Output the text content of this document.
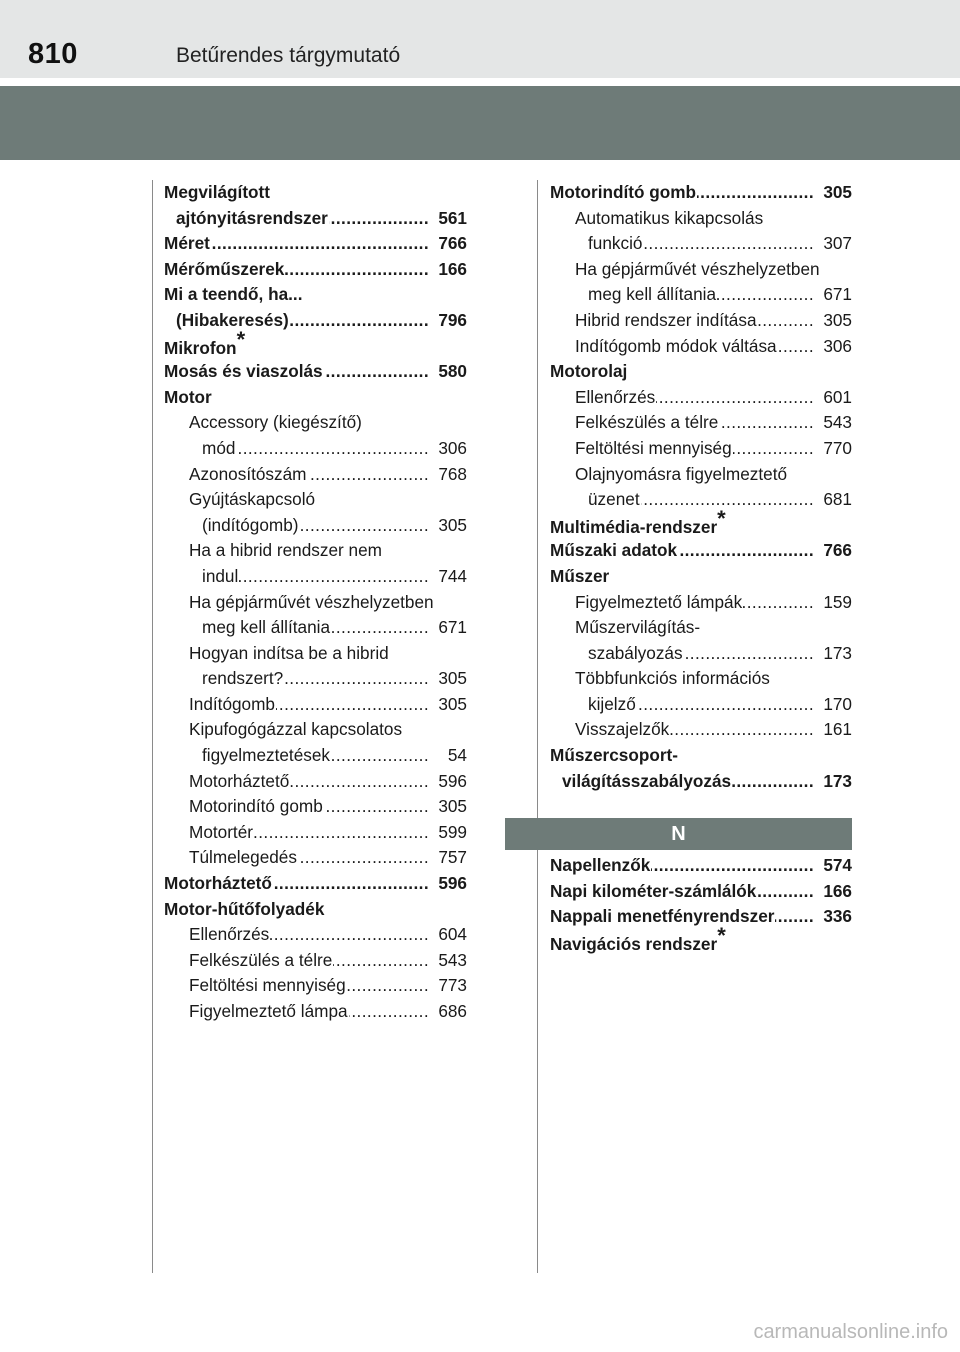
810	Betűrendes tárgymutató
Megvilágított
ajtónyitásrendszer .....	561
Méret .....	766
Mérőműszerek .....	166
Mi a teendő, ha...
(Hibakeresés) .....	796
Mikrofon*
Mosás és viaszolás .....	580
Motor
Accessory (kiegészítő)
mód .....	306
Azonosítószám .....	768
Gyújtáskapcsoló
(indítógomb) .....	305
Ha a hibrid rendszer nem
indul .....	744
Ha gépjárművét vészhelyzetben
meg kell állítania .....	671
Hogyan indítsa be a hibrid
rendszert? .....	305
Indítógomb .....	305
Kipufogógázzal kapcsolatos
figyelmeztetések .....	54
Motorháztető .....	596
Motorindító gomb .....	305
Motortér .....	599
Túlmelegedés .....	757
Motorháztető .....	596
Motor-hűtőfolyadék
Ellenőrzés .....	604
Felkészülés a télre .....	543
Feltöltési mennyiség .....	773
Figyelmeztető lámpa .....	686
Motorindító gomb .....	305
Automatikus kikapcsolás
funkció .....	307
Ha gépjárművét vészhelyzetben
meg kell állítania .....	671
Hibrid rendszer indítása .....	305
Indítógomb módok váltása .....	306
Motorolaj
Ellenőrzés .....	601
Felkészülés a télre .....	543
Feltöltési mennyiség .....	770
Olajnyomásra figyelmeztető
üzenet .....	681
Multimédia-rendszer*
Műszaki adatok .....	766
Műszer
Figyelmeztető lámpák .....	159
Műszervilágítás-
szabályozás .....	173
Többfunkciós információs
kijelző .....	170
Visszajelzők .....	161
Műszercsoport-
világításszabályozás .....	173
N
Napellenzők .....	574
Napi kilométer-számlálók .....	166
Nappali menetfényrendszer .....	336
Navigációs rendszer*
carmanualsonline.info
